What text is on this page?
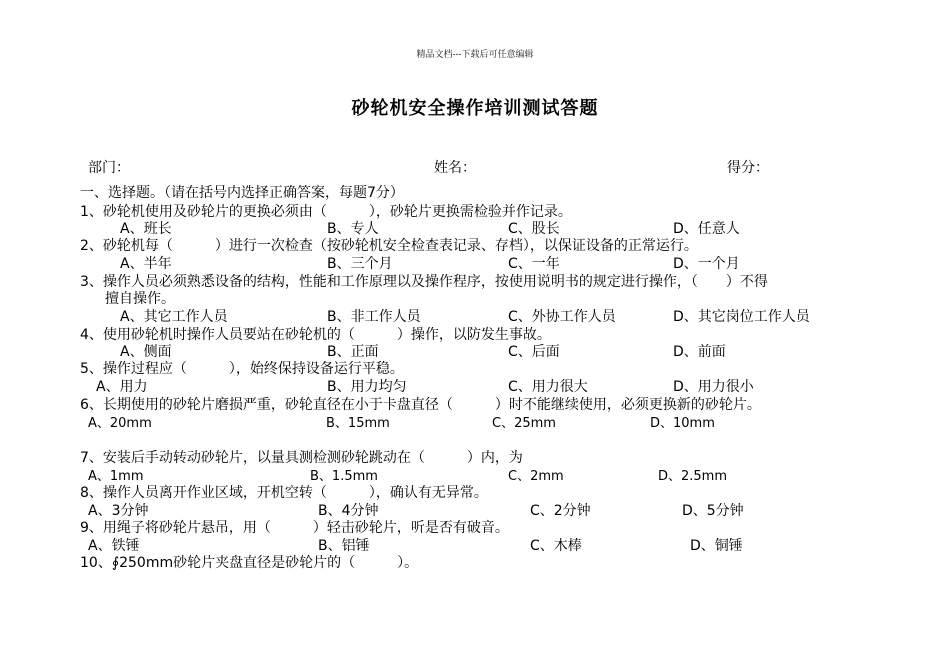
精品文档---下载后可任意编辑
砂轮机安全操作培训测试答题
部门：	姓名：	得分：
一、选择题。（请在括号内选择正确答案，每题7分）
1、砂轮机使用及砂轮片的更换必须由（　　　），砂轮片更换需检验并作记录。
A、班长	B、专人	C、股长	D、任意人
2、砂轮机每（　　　）进行一次检查（按砂轮机安全检查表记录、存档），以保证设备的正常运行。
A、半年	B、三个月	C、一年	D、一个月
3、操作人员必须熟悉设备的结构，性能和工作原理以及操作程序，按使用说明书的规定进行操作，（　　）不得
擅自操作。
A、其它工作人员	B、非工作人员	C、外协工作人员	D、其它岗位工作人员
4、使用砂轮机时操作人员要站在砂轮机的（　　　）操作，以防发生事故。
A、侧面	B、正面	C、后面	D、前面
5、操作过程应（　　　），始终保持设备运行平稳。
A、用力	B、用力均匀	C、用力很大	D、用力很小
6、长期使用的砂轮片磨损严重，砂轮直径在小于卡盘直径（　　　）时不能继续使用，必须更换新的砂轮片。
A、20mm	B、15mm	C、25mm	D、10mm
7、安装后手动转动砂轮片，以量具测检测砂轮跳动在（　　　）内，为
A、1mm	B、1.5mm	C、2mm	D、2.5mm
8、操作人员离开作业区域，开机空转（　　　），确认有无异常。
A、3分钟	B、4分钟	C、2分钟	D、5分钟
9、用绳子将砂轮片悬吊，用（　　　）轻击砂轮片，听是否有破音。
A、铁锤	B、铝锤	C、木棒	D、铜锤
10、∮250mm砂轮片夹盘直径是砂轮片的（　　　）。
